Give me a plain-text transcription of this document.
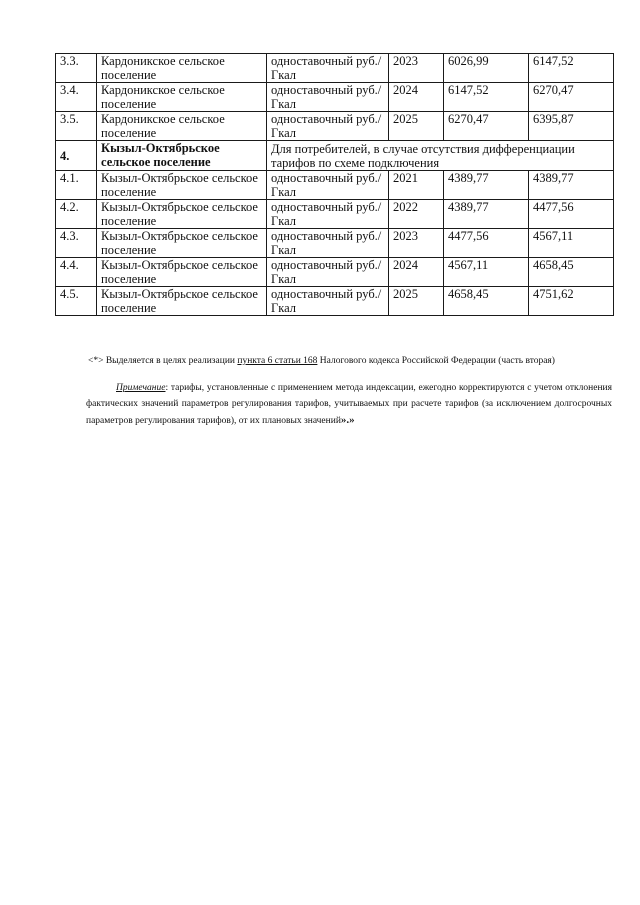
3.3.	Кардоникское сельское поселение	одноставочный руб./Гкал	2023	6026,99	6147,52
3.4.	Кардоникское сельское поселение	одноставочный руб./Гкал	2024	6147,52	6270,47
3.5.	Кардоникское сельское поселение	одноставочный руб./Гкал	2025	6270,47	6395,87
4.	Кызыл-Октябрьское сельское поселение	Для потребителей, в случае отсутствия дифференциации тарифов по схеме подключения			
4.1.	Кызыл-Октябрьское сельское поселение	одноставочный руб./Гкал	2021	4389,77	4389,77
4.2.	Кызыл-Октябрьское сельское поселение	одноставочный руб./Гкал	2022	4389,77	4477,56
4.3.	Кызыл-Октябрьское сельское поселение	одноставочный руб./Гкал	2023	4477,56	4567,11
4.4.	Кызыл-Октябрьское сельское поселение	одноставочный руб./Гкал	2024	4567,11	4658,45
4.5.	Кызыл-Октябрьское сельское поселение	одноставочный руб./Гкал	2025	4658,45	4751,62
<*> Выделяется в целях реализации пункта 6 статьи 168 Налогового кодекса Российской Федерации (часть вторая)
Примечание: тарифы, установленные с применением метода индексации, ежегодно корректируются с учетом отклонения фактических значений параметров регулирования тарифов, учитываемых при расчете тарифов (за исключением долгосрочных параметров регулирования тарифов), от их плановых значений».»
